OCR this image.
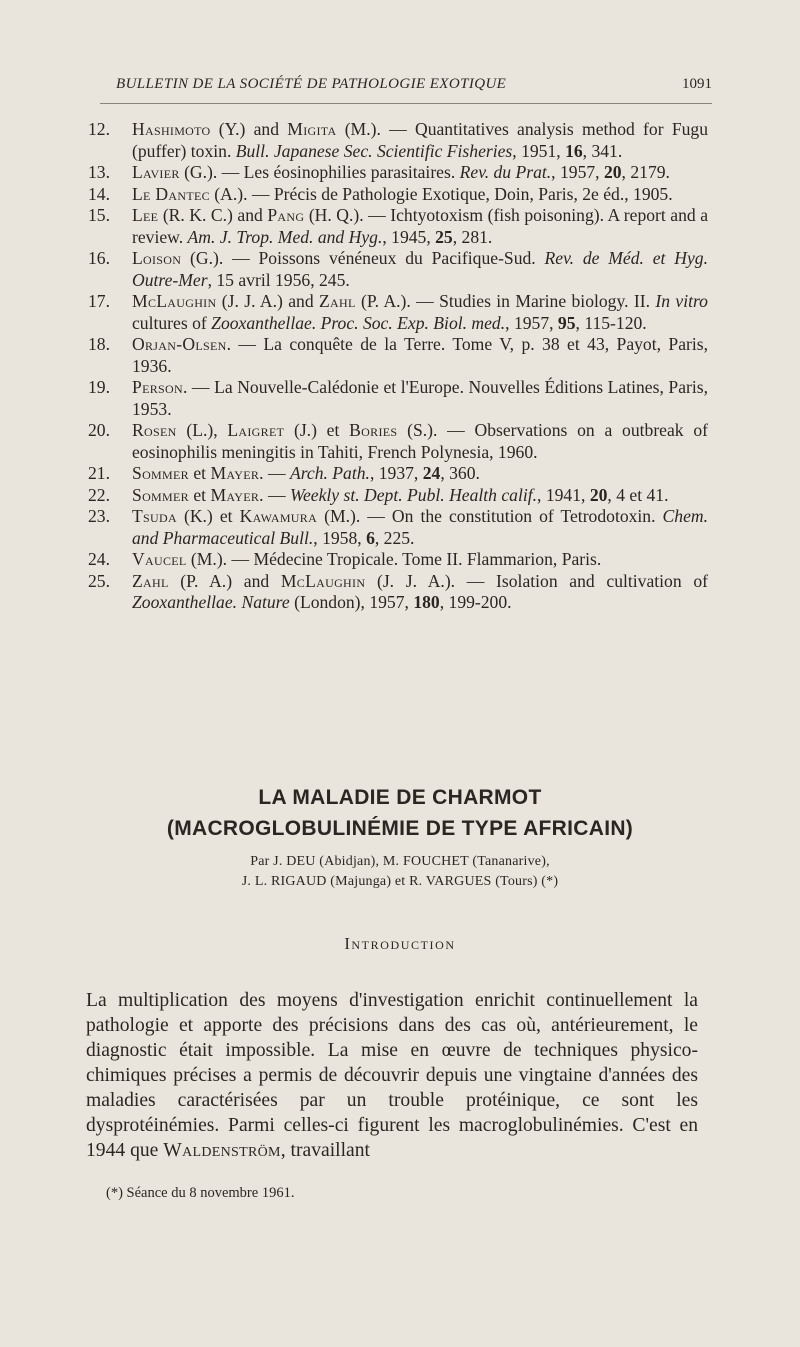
BULLETIN DE LA SOCIÉTÉ DE PATHOLOGIE EXOTIQUE	1091
12. Hashimoto (Y.) and Migita (M.). — Quantitatives analysis method for Fugu (puffer) toxin. Bull. Japanese Sec. Scientific Fisheries, 1951, 16, 341.
13. Lavier (G.). — Les éosinophilies parasitaires. Rev. du Prat., 1957, 20, 2179.
14. Le Dantec (A.). — Précis de Pathologie Exotique, Doin, Paris, 2e éd., 1905.
15. Lee (R. K. C.) and Pang (H. Q.). — Ichtyotoxism (fish poisoning). A report and a review. Am. J. Trop. Med. and Hyg., 1945, 25, 281.
16. Loison (G.). — Poissons vénéneux du Pacifique-Sud. Rev. de Méd. et Hyg. Outre-Mer, 15 avril 1956, 245.
17. McLaughin (J. J. A.) and Zahl (P. A.). — Studies in Marine biology. II. In vitro cultures of Zooxanthellae. Proc. Soc. Exp. Biol. med., 1957, 95, 115-120.
18. Orjan-Olsen. — La conquête de la Terre. Tome V, p. 38 et 43, Payot, Paris, 1936.
19. Person. — La Nouvelle-Calédonie et l'Europe. Nouvelles Éditions Latines, Paris, 1953.
20. Rosen (L.), Laigret (J.) et Bories (S.). — Observations on a outbreak of eosinophilis meningitis in Tahiti, French Polynesia, 1960.
21. Sommer et Mayer. — Arch. Path., 1937, 24, 360.
22. Sommer et Mayer. — Weekly st. Dept. Publ. Health calif., 1941, 20, 4 et 41.
23. Tsuda (K.) et Kawamura (M.). — On the constitution of Tetrodotoxin. Chem. and Pharmaceutical Bull., 1958, 6, 225.
24. Vaucel (M.). — Médecine Tropicale. Tome II. Flammarion, Paris.
25. Zahl (P. A.) and McLaughin (J. J. A.). — Isolation and cultivation of Zooxanthellae. Nature (London), 1957, 180, 199-200.
LA MALADIE DE CHARMOT
(MACROGLOBULINÉMIE DE TYPE AFRICAIN)
Par J. DEU (Abidjan), M. FOUCHET (Tananarive),
J. L. RIGAUD (Majunga) et R. VARGUES (Tours) (*)
Introduction

La multiplication des moyens d'investigation enrichit continuellement la pathologie et apporte des précisions dans des cas où, antérieurement, le diagnostic était impossible. La mise en œuvre de techniques physico-chimiques précises a permis de découvrir depuis une vingtaine d'années des maladies caractérisées par un trouble protéinique, ce sont les dysprotéinémies. Parmi celles-ci figurent les macroglobulinémies. C'est en 1944 que Waldenström, travaillant

(*) Séance du 8 novembre 1961.
